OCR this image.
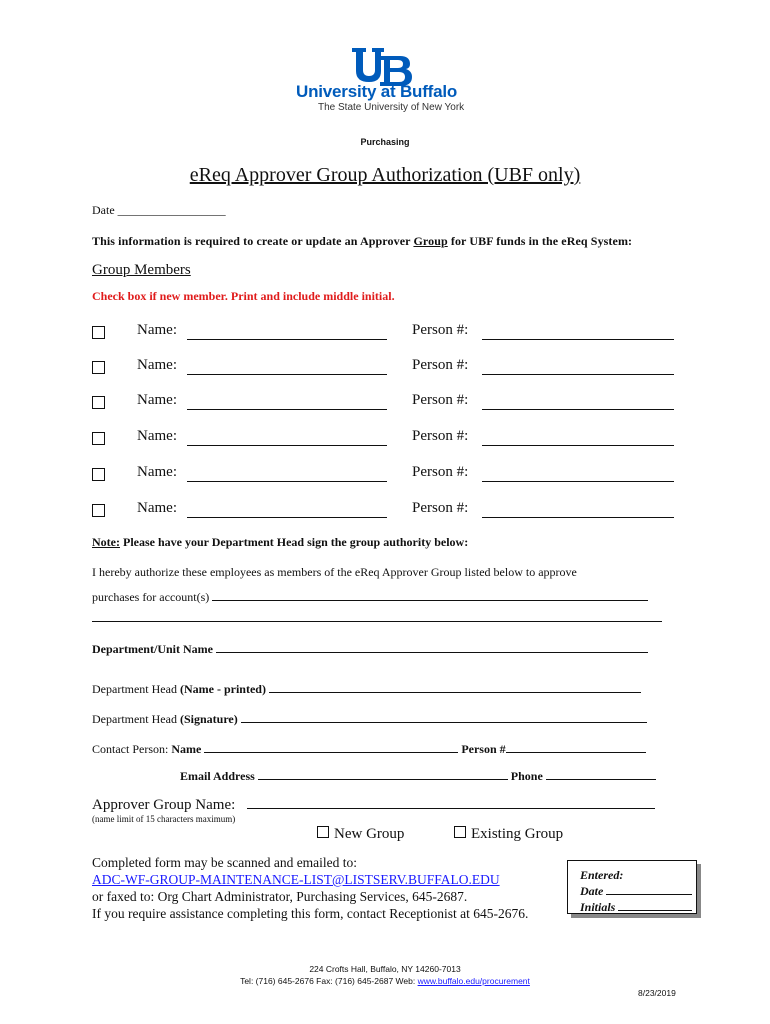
University at Buffalo
The State University of New York
Purchasing
eReq Approver Group Authorization (UBF only)
Date __________________
This information is required to create or update an Approver Group for UBF funds in the eReq System:
Group Members
Check box if new member. Print and include middle initial.
Name:	Person #:
Name:	Person #:
Name:	Person #:
Name:	Person #:
Name:	Person #:
Name:	Person #:
Note: Please have your Department Head sign the group authority below:
I hereby authorize these employees as members of the eReq Approver Group listed below to approve
purchases for account(s)
Department/Unit Name
Department Head (Name - printed)
Department Head (Signature)
Contact Person: Name	Person #
Email Address	Phone
Approver Group Name:
(name limit of 15 characters maximum)
New Group	Existing Group
Completed form may be scanned and emailed to:
ADC-WF-GROUP-MAINTENANCE-LIST@LISTSERV.BUFFALO.EDU
or faxed to: Org Chart Administrator, Purchasing Services, 645-2687.
If you require assistance completing this form, contact Receptionist at 645-2676.
Entered:
Date
Initials
224 Crofts Hall, Buffalo, NY 14260-7013
Tel: (716) 645-2676 Fax: (716) 645-2687 Web: www.buffalo.edu/procurement
8/23/2019
